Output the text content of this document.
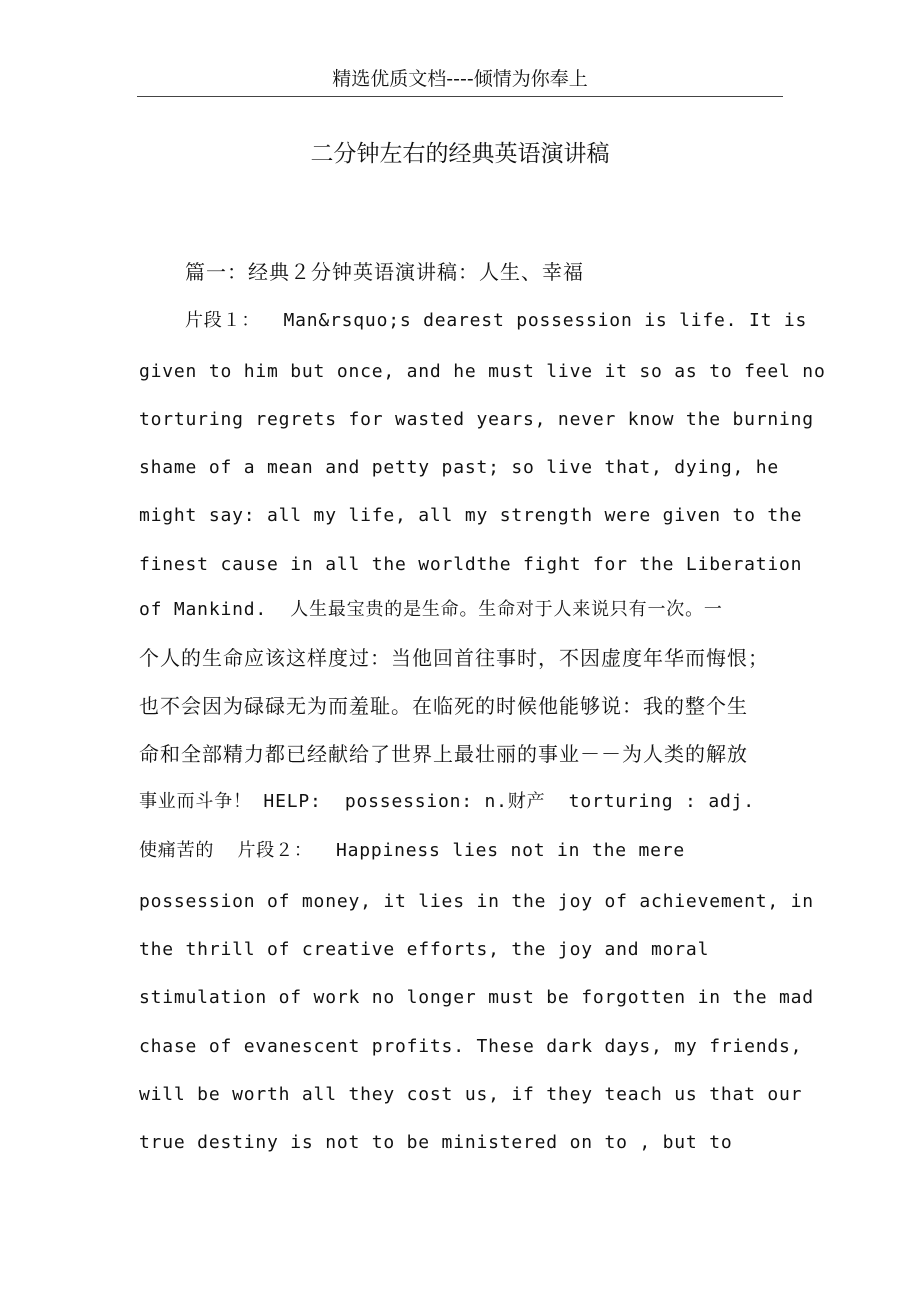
精选优质文档----倾情为你奉上
二分钟左右的经典英语演讲稿
篇一：经典２分钟英语演讲稿：人生、幸福
片段１：  Man&rsquo;s dearest possession is life. It is
given to him but once, and he must live it so as to feel no
torturing regrets for wasted years, never know the burning
shame of a mean and petty past; so live that, dying, he
might say: all my life, all my strength were given to the
finest cause in all the worldthe fight for the Liberation
of Mankind.  人生最宝贵的是生命。生命对于人来说只有一次。一
个人的生命应该这样度过：当他回首往事时，不因虚度年华而悔恨；
也不会因为碌碌无为而羞耻。在临死的时候他能够说：我的整个生
命和全部精力都已经献给了世界上最壮丽的事业－－为人类的解放
事业而斗争！ HELP:  possession: n.财产  torturing : adj.
使痛苦的  片段２：  Happiness lies not in the mere
possession of money, it lies in the joy of achievement, in
the thrill of creative efforts, the joy and moral
stimulation of work no longer must be forgotten in the mad
chase of evanescent profits. These dark days, my friends,
will be worth all they cost us, if they teach us that our
true destiny is not to be ministered on to , but to
